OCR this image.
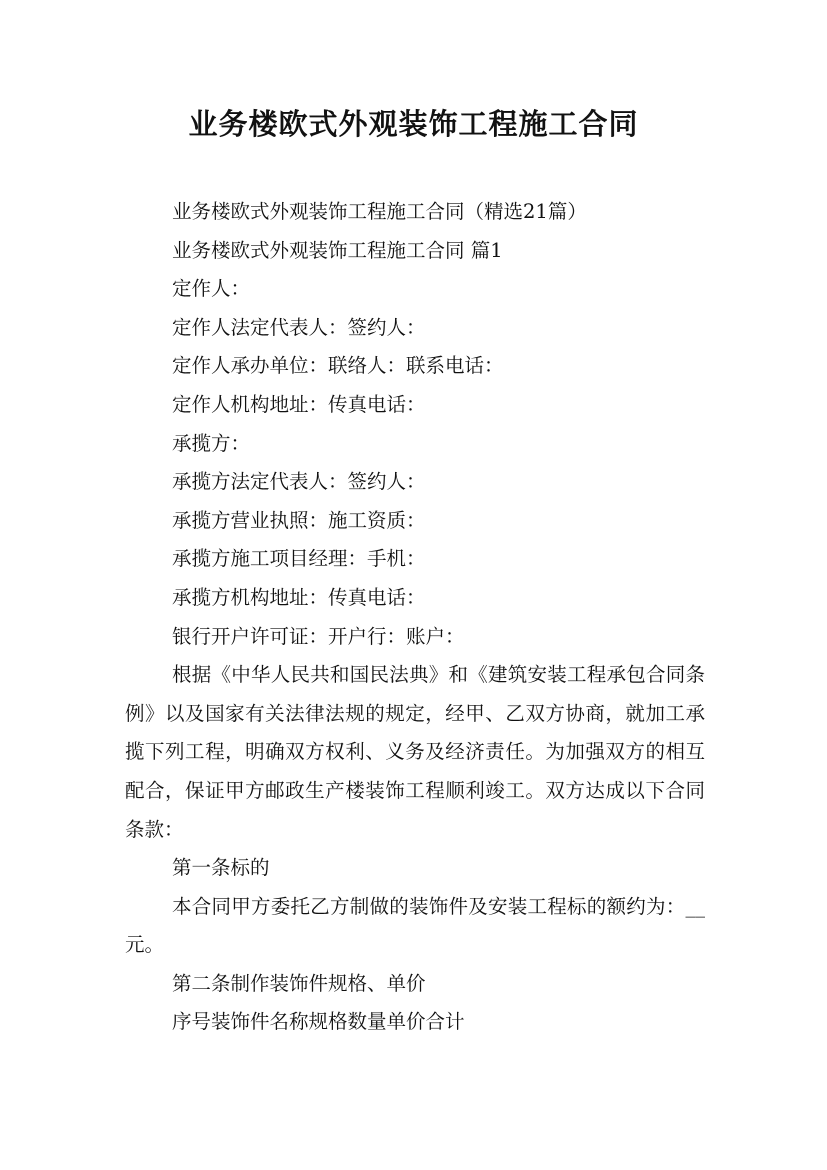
业务楼欧式外观装饰工程施工合同

业务楼欧式外观装饰工程施工合同（精选21篇）

业务楼欧式外观装饰工程施工合同 篇1

定作人：

定作人法定代表人：签约人：

定作人承办单位：联络人：联系电话：

定作人机构地址：传真电话：

承揽方：

承揽方法定代表人：签约人：

承揽方营业执照：施工资质：

承揽方施工项目经理：手机：

承揽方机构地址：传真电话：

银行开户许可证：开户行：账户：

根据《中华人民共和国民法典》和《建筑安装工程承包合同条例》以及国家有关法律法规的规定，经甲、乙双方协商，就加工承揽下列工程，明确双方权利、义务及经济责任。为加强双方的相互配合，保证甲方邮政生产楼装饰工程顺利竣工。双方达成以下合同条款：

第一条标的

本合同甲方委托乙方制做的装饰件及安装工程标的额约为：__元。

第二条制作装饰件规格、单价

序号装饰件名称规格数量单价合计
